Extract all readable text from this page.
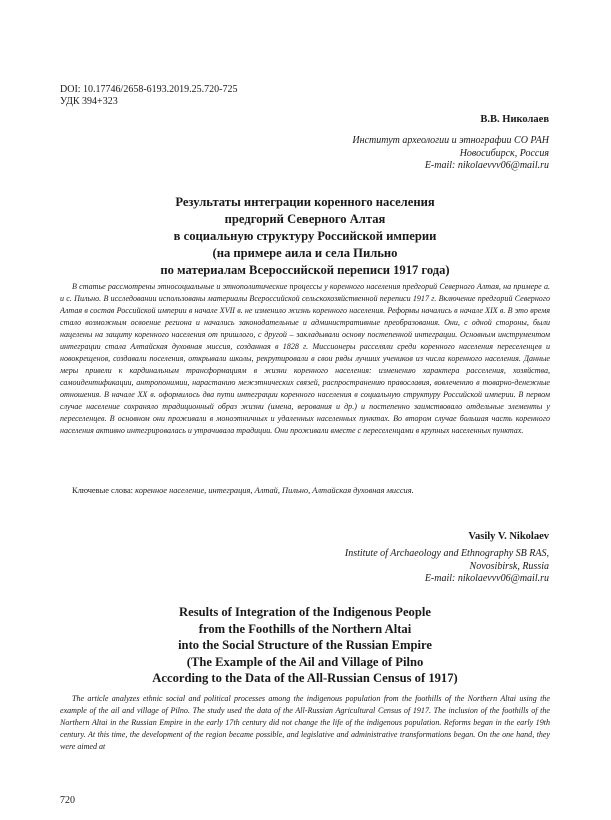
DOI: 10.17746/2658-6193.2019.25.720-725
УДК 394+323
В.В. Николаев
Институт археологии и этнографии СО РАН
Новосибирск, Россия
E-mail: nikolaevvv06@mail.ru
Результаты интеграции коренного населения
предгорий Северного Алтая
в социальную структуру Российской империи
(на примере аила и села Пильно
по материалам Всероссийской переписи 1917 года)
В статье рассмотрены этносоциальные и этнополитические процессы у коренного населения предгорий Северного Алтая, на примере а. и с. Пильно. В исследовании использованы материалы Всероссийской сельскохозяйственной переписи 1917 г. Включение предгорий Северного Алтая в состав Российской империи в начале XVII в. не изменило жизнь коренного населения. Реформы начались в начале XIX в. В это время стало возможным освоение региона и начались законодательные и административные преобразования. Они, с одной стороны, были нацелены на защиту коренного населения от пришлого, с другой – закладывали основу постепенной интеграции. Основным инструментом интеграции стала Алтайская духовная миссия, созданная в 1828 г. Миссионеры расселяли среди коренного населения переселенцев и новокрещенов, создавали поселения, открывали школы, рекрутировали в свои ряды лучших учеников из числа коренного населения. Данные меры привели к кардинальным трансформациям в жизни коренного населения: изменению характера расселения, хозяйства, самоидентификации, антропонимии, нарастанию межэтнических связей, распространению православия, вовлечению в товарно-денежные отношения. В начале XX в. оформилось два пути интеграции коренного населения в социальную структуру Российской империи. В первом случае население сохраняло традиционный образ жизни (имена, верования и др.) и постепенно заимствовало отдельные элементы у переселенцев. В основном они проживали в моноэтничных и удаленных населенных пунктах. Во втором случае большая часть коренного населения активно интегрировалась и утрачивала традиции. Они проживали вместе с переселенцами в крупных населенных пунктах.
Ключевые слова: коренное население, интеграция, Алтай, Пильно, Алтайская духовная миссия.
Vasily V. Nikolaev
Institute of Archaeology and Ethnography SB RAS,
Novosibirsk, Russia
E-mail: nikolaevvv06@mail.ru
Results of Integration of the Indigenous People
from the Foothills of the Northern Altai
into the Social Structure of the Russian Empire
(The Example of the Ail and Village of Pilno
According to the Data of the All-Russian Census of 1917)
The article analyzes ethnic social and political processes among the indigenous population from the foothills of the Northern Altai using the example of the ail and village of Pilno. The study used the data of the All-Russian Agricultural Census of 1917. The inclusion of the foothills of the Northern Altai in the Russian Empire in the early 17th century did not change the life of the indigenous population. Reforms began in the early 19th century. At this time, the development of the region became possible, and legislative and administrative transformations began. On the one hand, they were aimed at
720
